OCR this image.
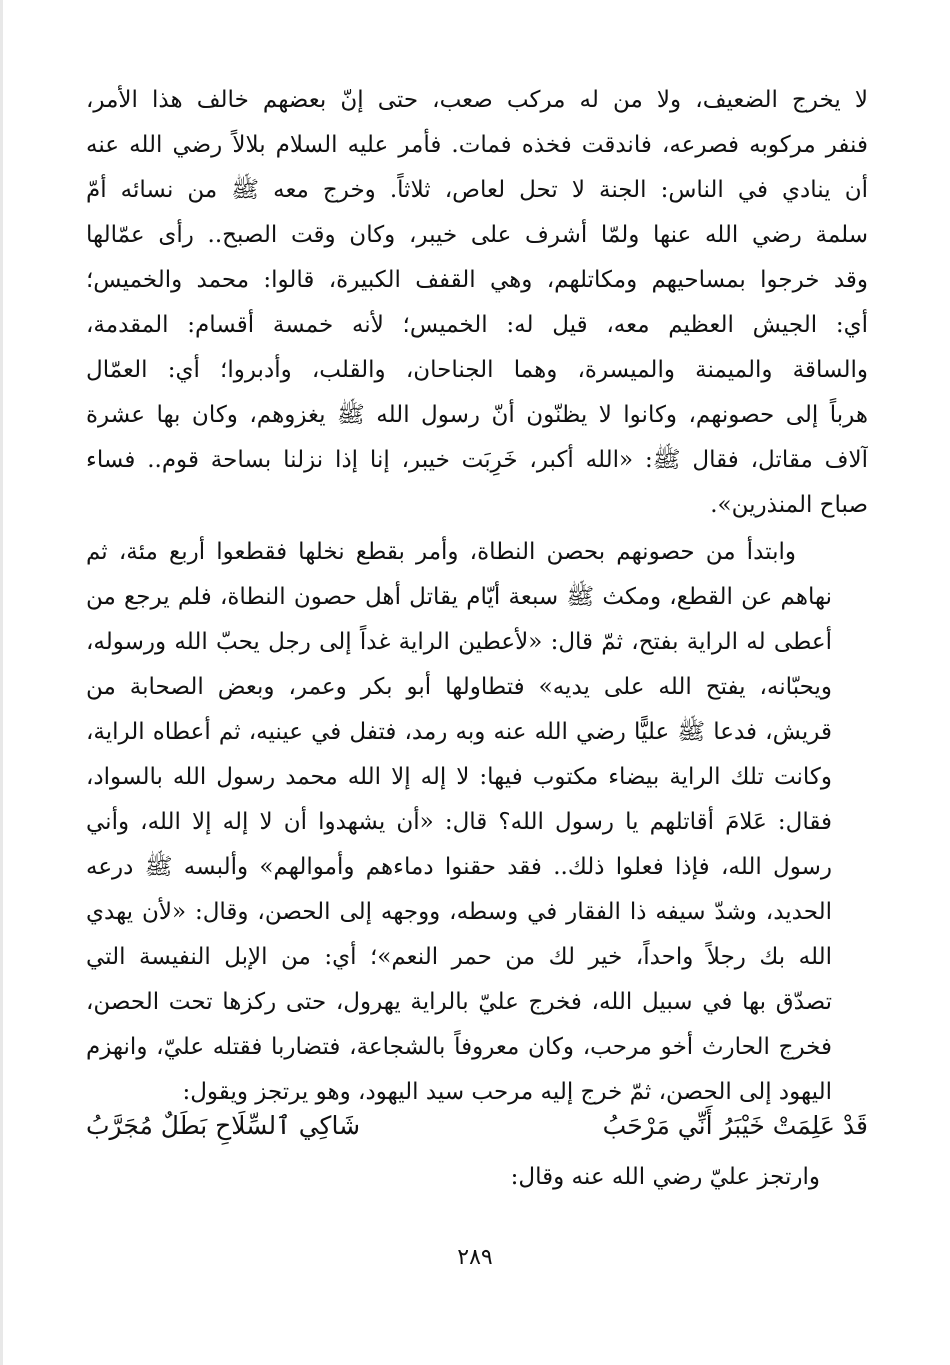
لا يخرج الضعيف، ولا من له مركب صعب، حتى إنّ بعضهم خالف هذا الأمر،
فنفر مركوبه فصرعه، فاندقت فخذه فمات. فأمر عليه السلام بلالاً رضي الله عنه
أن ينادي في الناس: الجنة لا تحل لعاص، ثلاثاً. وخرج معه ﷺ من نسائه أمّ
سلمة رضي الله عنها ولمّا أشرف على خيبر، وكان وقت الصبح.. رأى عمّالها
وقد خرجوا بمساحيهم ومكاتلهم، وهي القفف الكبيرة، قالوا: محمد والخميس؛
أي: الجيش العظيم معه، قيل له: الخميس؛ لأنه خمسة أقسام: المقدمة،
والساقة والميمنة والميسرة، وهما الجناحان، والقلب، وأدبروا؛ أي: العمّال
هرباً إلى حصونهم، وكانوا لا يظنّون أنّ رسول الله ﷺ يغزوهم، وكان بها عشرة
آلاف مقاتل، فقال ﷺ: «الله أكبر، خَرِبَت خيبر، إنا إذا نزلنا بساحة قوم.. فساء
صباح المنذرين».
وابتدأ من حصونهم بحصن النطاة، وأمر بقطع نخلها فقطعوا أربع مئة، ثم
نهاهم عن القطع، ومكث ﷺ سبعة أيّام يقاتل أهل حصون النطاة، فلم يرجع من
أعطى له الراية بفتح، ثمّ قال: «لأعطين الراية غداً إلى رجل يحبّ الله ورسوله،
ويحبّانه، يفتح الله على يديه» فتطاولها أبو بكر وعمر، وبعض الصحابة من
قريش، فدعا ﷺ عليًّا رضي الله عنه وبه رمد، فتفل في عينيه، ثم أعطاه الراية،
وكانت تلك الراية بيضاء مكتوب فيها: لا إله إلا الله محمد رسول الله بالسواد،
فقال: عَلامَ أقاتلهم يا رسول الله؟ قال: «أن يشهدوا أن لا إله إلا الله، وأني
رسول الله، فإذا فعلوا ذلك.. فقد حقنوا دماءهم وأموالهم» وألبسه ﷺ درعه
الحديد، وشدّ سيفه ذا الفقار في وسطه، ووجهه إلى الحصن، وقال: «لأن يهدي
الله بك رجلاً واحداً، خير لك من حمر النعم»؛ أي: من الإبل النفيسة التي
تصدّق بها في سبيل الله، فخرج عليّ بالراية يهرول، حتى ركزها تحت الحصن،
فخرج الحارث أخو مرحب، وكان معروفاً بالشجاعة، فتضاربا فقتله عليّ، وانهزم
اليهود إلى الحصن، ثمّ خرج إليه مرحب سيد اليهود، وهو يرتجز ويقول:
قَدْ عَلِمَتْ خَيْبَرُ أَنِّي مَرْحَبُ
شَاكِي ٱلسِّلَاحِ بَطَلٌ مُجَرَّبُ
وارتجز عليّ رضي الله عنه وقال:
٢٨٩
